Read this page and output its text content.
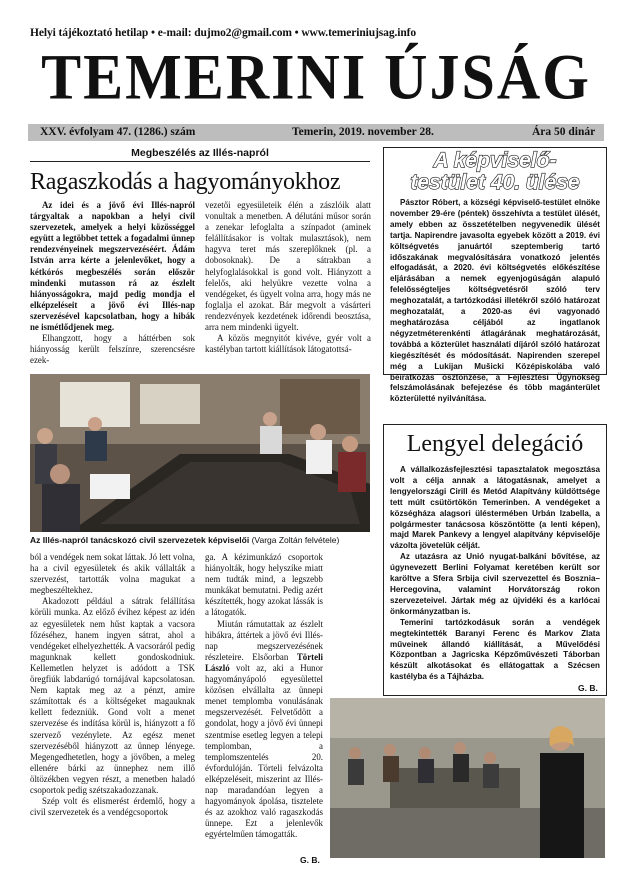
Helyi tájékoztató hetilap • e-mail: dujmo2@gmail.com • www.temeriniujsag.info
TEMERINI ÚJSÁG
XXV. évfolyam 47. (1286.) szám	Temerin, 2019. november 28.	Ára 50 dinár
Megbeszélés az Illés-napról
Ragaszkodás a hagyományokhoz

Az idei és a jövő évi Illés-napról tárgyaltak a napokban a helyi civil szervezetek, amelyek a helyi közösséggel együtt a legtöbbet tettek a fogadalmi ünnep rendezvényeinek megszervezéséért. Ádám István arra kérte a jelenlevőket, hogy a kétkórós megbeszélés során először mindenki mutasson rá az észlelt hiányosságokra, majd pedig mondja el elképzeléseit a jövő évi Illés-nap szervezésével kapcsolatban, hogy a hibák ne ismétlődjenek meg.

Elhangzott, hogy a háttérben sok hiányosság került felszínre, szerencsésre ezek-

vezetői egyesületeik élén a zászlóik alatt vonultak a menetben. A délutáni műsor során a zenekar lefoglalta a színpadot (aminek felállításakor is voltak mulasztások), nem hagyva teret más szereplőknek (pl. a dobosoknak). De a sátrakban a helyfoglalásokkal is gond volt. Hiányzott a felelős, aki helyükre vezette volna a vendégeket, és ügyelt volna arra, hogy más ne foglalja el azokat. Bár megvolt a vásárteri rendezvények kezdetének időrendi beosztása, arra nem mindenki ügyelt.

A közös megnyitót kivéve, gyér volt a kastélyban tartott kiállítások látogatottsá-

Az Illés-napról tanácskozó civil szervezetek képviselői (Varga Zoltán felvétele)

ból a vendégek nem sokat láttak. Jó lett volna, ha a civil egyesületek és akik vállalták a szervezést, tartották volna magukat a megbeszéltekhez.

Akadozott például a sátrak felállítása körüli munka. Az előző évihez képest az idén az egyesületek nem hűst kaptak a vacsora főzéséhez, hanem ingyen sátrat, ahol a vendégeket elhelyezhették. A vacsoráról pedig magunknak kellett gondoskodniuk. Kellemetlen helyzet is adódott a TSK öregfiúk labdarúgó tornájával kapcsolatosan. Nem kaptak meg az a pénzt, amire számítottak és a költségeket magauknak kellett fedezniük. Gond volt a menet szervezése és indítása körül is, hiányzott a fő szervező vezénylete. Az egész menet szervezéséből hiányzott az ünnep lényege. Megengedhetetlen, hogy a jövőben, a meleg ellenére bárki az ünnephez nem illő öltözékben vegyen részt, a menetben haladó csoportok pedig szétszakadozzanak.

Szép volt és elismerést érdemlő, hogy a civil szervezetek és a vendégcsoportok

ga. A kézimunkázó csoportok hiányolták, hogy helyszíke miatt nem tudták mind, a legszebb munkákat bemutatni. Pedig azért készítették, hogy azokat lássák is a látogatók.

Miután rámutattak az észlelt hibákra, áttértek a jövő évi Illés-nap megszervezésének részleteire. Elsőorban Törteli László volt az, aki a Hunor hagyományápoló egyesülettel közösen elvállalta az ünnepi menet templomba vonulásának megszervezését. Felvetődött a gondolat, hogy a jövő évi ünnepi szentmise esetleg legyen a telepi templomban, a templomszentelés 20. évfordulóján. Törteli felvázolta elképzeléseit, miszerint az Illés-nap maradandóan legyen a hagyományok ápolása, tisztelete és az azokhoz való ragaszkodás ünnepe. Ezt a jelenlevők egyértelműen támogatták.

G. B.
A képviselő-
testület 40. ülése

Pásztor Róbert, a községi képviselő-testület elnöke november 29-ére (péntek) összehívta a testület ülését, amely ebben az összetételben negyvenedik ülését tartja. Napirendre javasolta egyebek között a 2019. évi költségvetés januártól szeptemberig tartó időszakának megvalósítására vonatkozó jelentés elfogadását, a 2020. évi költségvetés előkészítése eljárásában a nemek egyenjogúságán alapuló felelősségteljes költségvetésről szóló terv meghozatalát, a tartózkodási illetékről szóló határozat meghozatalát, a 2020-as évi vagyonadó meghatározása céljából az ingatlanok négyzetméterenkénti átlagárának meghatározását, továbbá a közterület használati díjáról szóló határozat kiegészítését és módosítását. Napirenden szerepel még a Lukijan Mušicki Középiskolába való beiratkozás ösztönzése, a Fejlesztési Ügynökség felszámolásának befejezése és több magánterület közterületté nyilvánítása.

Lengyel delegáció

A vállalkozásfejlesztési tapasztalatok megosztása volt a célja annak a látogatásnak, amelyet a lengyelországi Cirill és Metód Alapítvány küldöttsége tett múlt csütörtökön Temerinben. A vendégeket a községháza alagsori üléstermében Urbán Izabella, a polgármester tanácsosa köszöntötte (a lenti képen), majd Marek Pankevy a lengyel alapítvány képviselője vázolta jövetelük célját.

Az utazásra az Unió nyugat-balkáni bővítése, az úgynevezett Berlini Folyamat keretében került sor karöltve a Sfera Srbija civil szervezettel és Bosznia–Hercegovina, valamint Horvátország rokon szervezeteivel. Jártak még az újvidéki és a karlócai önkormányzatban is.

Temerini tartózkodásuk során a vendégek megtekintették Baranyi Ferenc és Markov Zlata műveinek állandó kiállítását, a Művelődési Központban a Jagricska Képzőművészeti Táborban készült alkotásokat és ellátogattak a Szécsen kastélyba és a Tájházba.

G. B.
